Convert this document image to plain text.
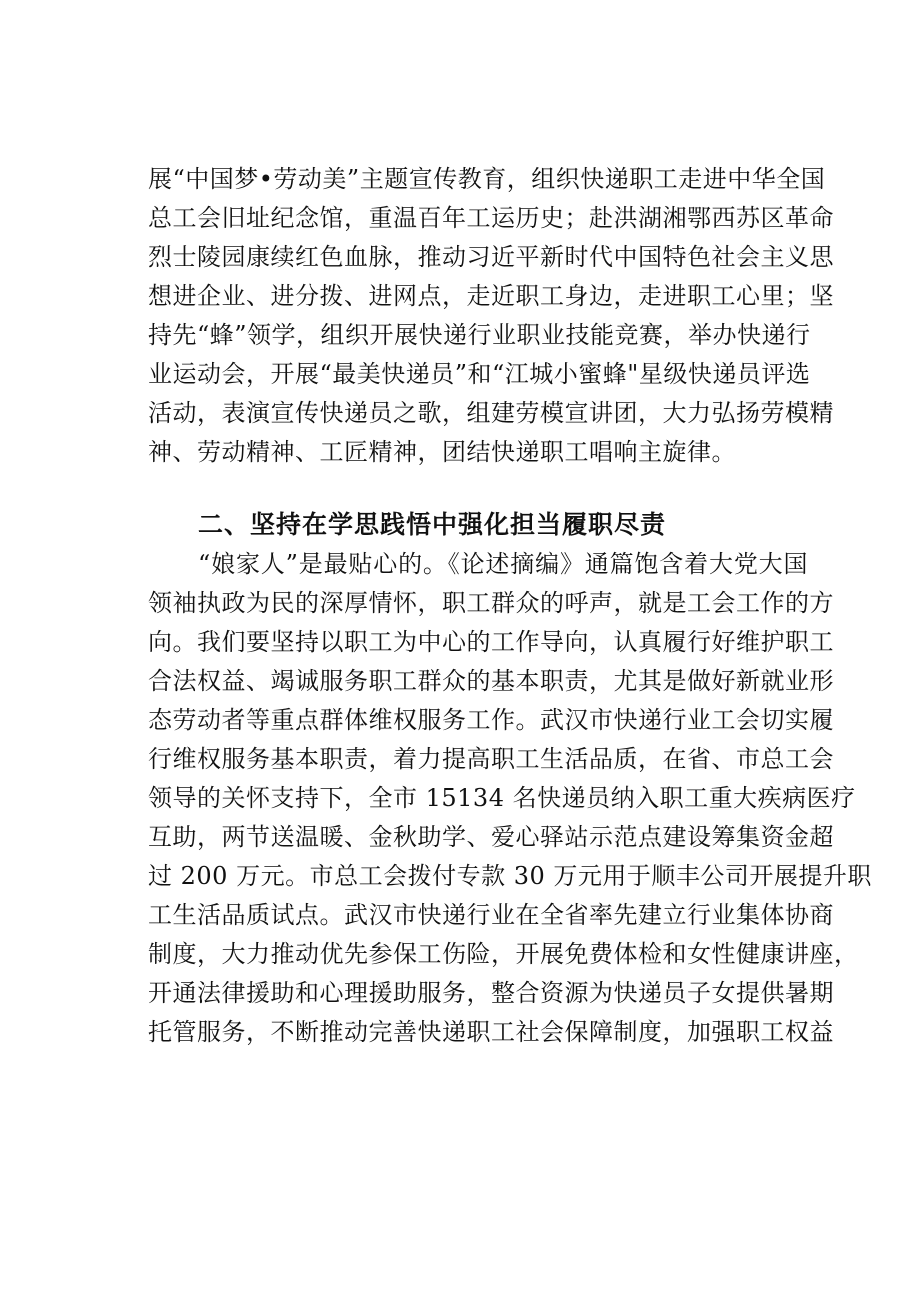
展“中国梦•劳动美”主题宣传教育，组织快递职工走进中华全国
总工会旧址纪念馆，重温百年工运历史；赴洪湖湘鄂西苏区革命
烈士陵园康续红色血脉，推动习近平新时代中国特色社会主义思
想进企业、进分拨、进网点，走近职工身边，走进职工心里；坚
持先“蜂”领学，组织开展快递行业职业技能竞赛，举办快递行
业运动会，开展“最美快递员”和“江城小蜜蜂"星级快递员评选
活动，表演宣传快递员之歌，组建劳模宣讲团，大力弘扬劳模精
神、劳动精神、工匠精神，团结快递职工唱响主旋律。
二、坚持在学思践悟中强化担当履职尽责
“娘家人”是最贴心的。《论述摘编》通篇饱含着大党大国
领袖执政为民的深厚情怀，职工群众的呼声，就是工会工作的方
向。我们要坚持以职工为中心的工作导向，认真履行好维护职工
合法权益、竭诚服务职工群众的基本职责，尤其是做好新就业形
态劳动者等重点群体维权服务工作。武汉市快递行业工会切实履
行维权服务基本职责，着力提高职工生活品质，在省、市总工会
领导的关怀支持下，全市 15134 名快递员纳入职工重大疾病医疗
互助，两节送温暖、金秋助学、爱心驿站示范点建设筹集资金超
过 200 万元。市总工会拨付专款 30 万元用于顺丰公司开展提升职
工生活品质试点。武汉市快递行业在全省率先建立行业集体协商
制度，大力推动优先参保工伤险，开展免费体检和女性健康讲座，
开通法律援助和心理援助服务，整合资源为快递员子女提供暑期
托管服务，不断推动完善快递职工社会保障制度，加强职工权益
